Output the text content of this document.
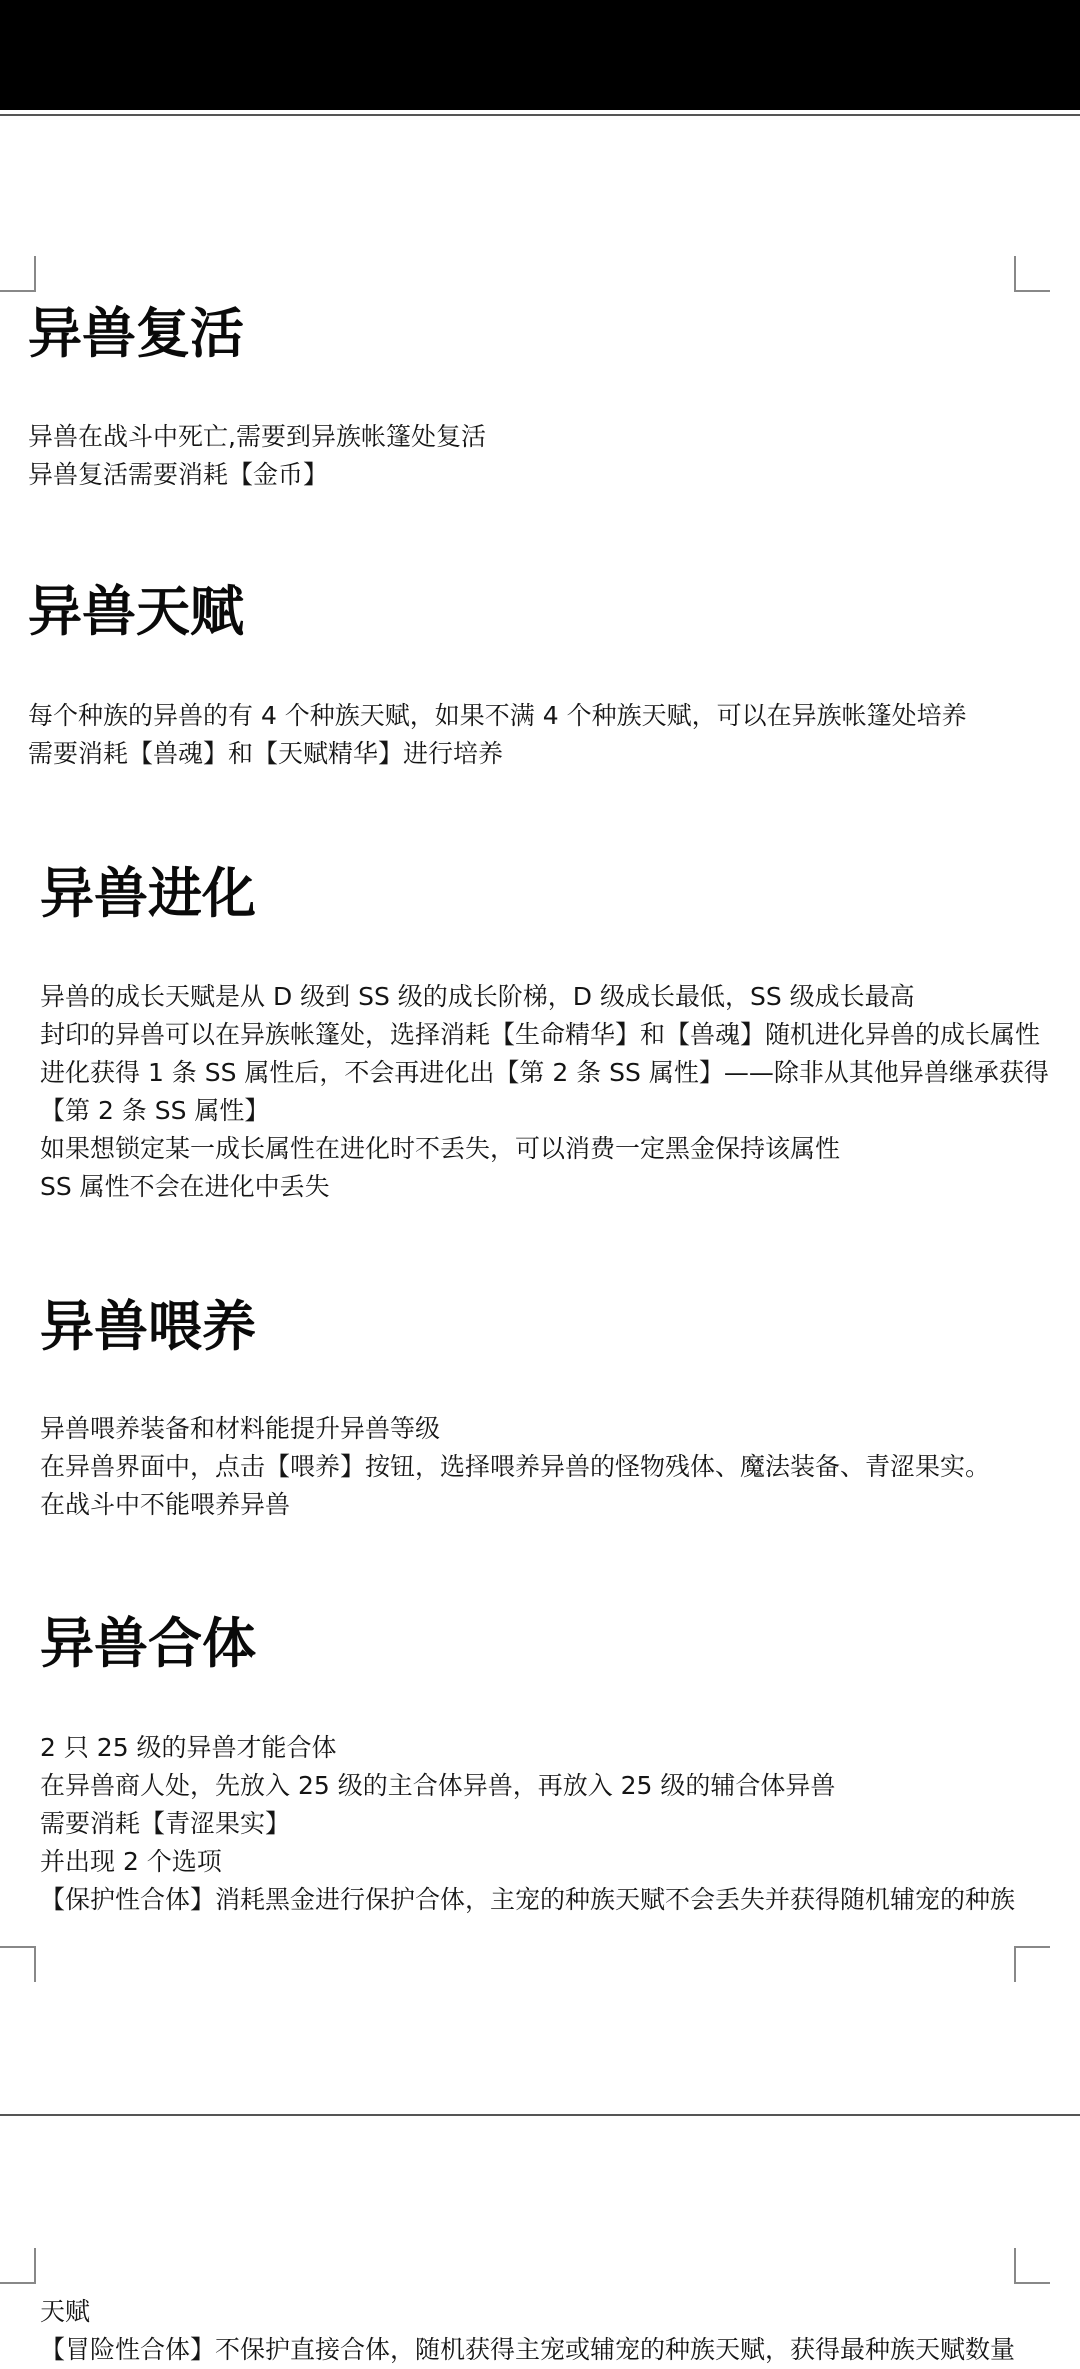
异兽复活
异兽在战斗中死亡,需要到异族帐篷处复活
异兽复活需要消耗【金币】
异兽天赋
每个种族的异兽的有 4 个种族天赋，如果不满 4 个种族天赋，可以在异族帐篷处培养
需要消耗【兽魂】和【天赋精华】进行培养
异兽进化
异兽的成长天赋是从 D 级到 SS 级的成长阶梯，D 级成长最低，SS 级成长最高
封印的异兽可以在异族帐篷处，选择消耗【生命精华】和【兽魂】随机进化异兽的成长属性
进化获得 1 条 SS 属性后，不会再进化出【第 2 条 SS 属性】——除非从其他异兽继承获得
【第 2 条 SS 属性】
如果想锁定某一成长属性在进化时不丢失，可以消费一定黑金保持该属性
SS 属性不会在进化中丢失
异兽喂养
异兽喂养装备和材料能提升异兽等级
在异兽界面中，点击【喂养】按钮，选择喂养异兽的怪物残体、魔法装备、青涩果实。
在战斗中不能喂养异兽
异兽合体
2 只 25 级的异兽才能合体
在异兽商人处，先放入 25 级的主合体异兽，再放入 25 级的辅合体异兽
需要消耗【青涩果实】
并出现 2 个选项
【保护性合体】消耗黑金进行保护合体，主宠的种族天赋不会丢失并获得随机辅宠的种族
天赋
【冒险性合体】不保护直接合体，随机获得主宠或辅宠的种族天赋，获得最种族天赋数量
